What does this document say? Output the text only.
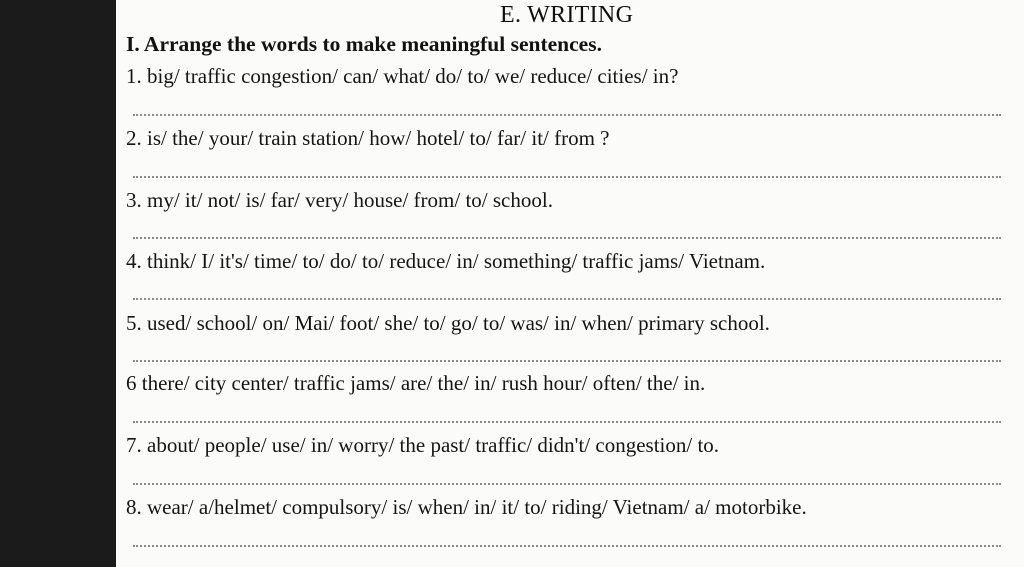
E. WRITING
I. Arrange the words to make meaningful sentences.
1. big/ traffic congestion/ can/ what/ do/ to/ we/ reduce/ cities/ in?
2. is/ the/ your/ train station/ how/ hotel/ to/ far/ it/ from ?
3. my/ it/ not/ is/ far/ very/ house/ from/ to/ school.
4. think/ I/ it's/ time/ to/ do/ to/ reduce/ in/ something/ traffic jams/ Vietnam.
5. used/ school/ on/ Mai/ foot/ she/ to/ go/ to/ was/ in/ when/ primary school.
6 there/ city center/ traffic jams/ are/ the/ in/ rush hour/ often/ the/ in.
7. about/ people/ use/ in/ worry/ the past/ traffic/ didn't/ congestion/ to.
8. wear/ a/helmet/ compulsory/ is/ when/ in/ it/ to/ riding/ Vietnam/ a/ motorbike.
